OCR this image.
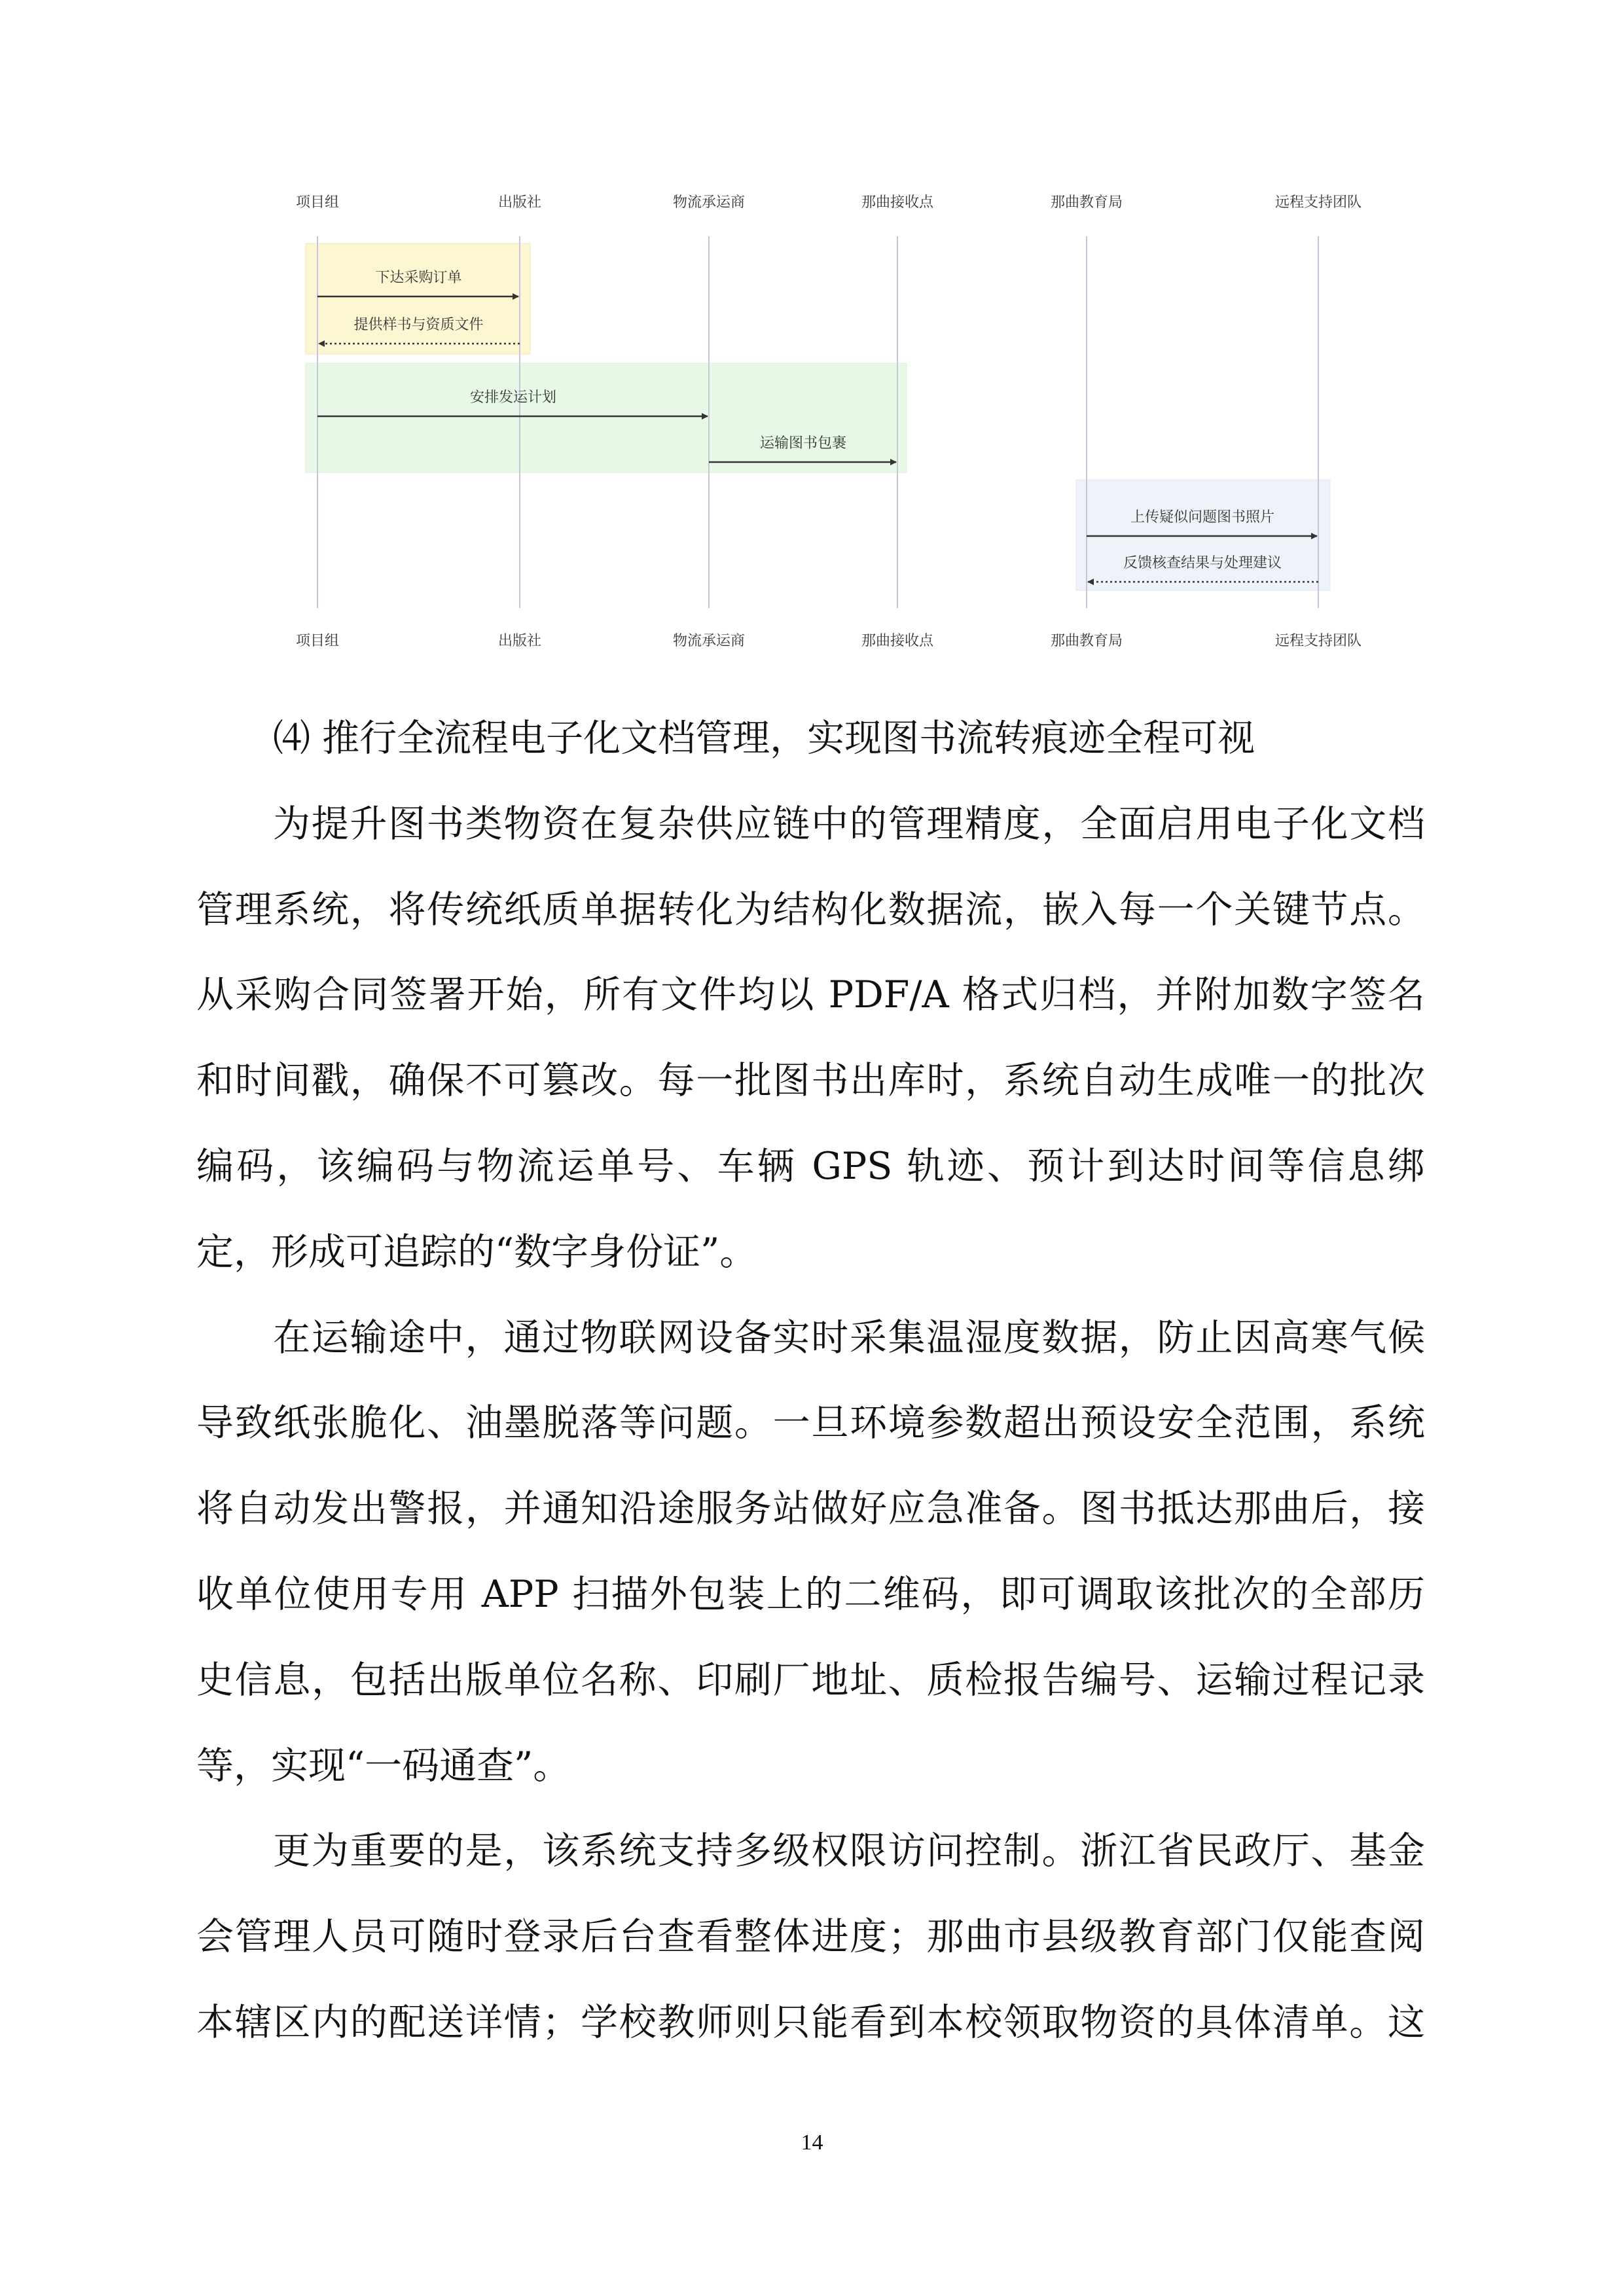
项目组	出版社	物流承运商	那曲接收点	那曲教育局	远程支持团队
项目组	出版社	物流承运商	那曲接收点	那曲教育局	远程支持团队
下达采购订单
提供样书与资质文件
安排发运计划
运输图书包裹
上传疑似问题图书照片
反馈核查结果与处理建议
⑷ 推行全流程电子化文档管理，实现图书流转痕迹全程可视
为提升图书类物资在复杂供应链中的管理精度，全面启用电子化文档
管理系统，将传统纸质单据转化为结构化数据流，嵌入每一个关键节点。
从采购合同签署开始，所有文件均以 PDF/A 格式归档，并附加数字签名
和时间戳，确保不可篡改。每一批图书出库时，系统自动生成唯一的批次
编码，该编码与物流运单号、车辆 GPS 轨迹、预计到达时间等信息绑
定，形成可追踪的“数字身份证”。
在运输途中，通过物联网设备实时采集温湿度数据，防止因高寒气候
导致纸张脆化、油墨脱落等问题。一旦环境参数超出预设安全范围，系统
将自动发出警报，并通知沿途服务站做好应急准备。图书抵达那曲后，接
收单位使用专用 APP 扫描外包装上的二维码，即可调取该批次的全部历
史信息，包括出版单位名称、印刷厂地址、质检报告编号、运输过程记录
等，实现“一码通查”。
更为重要的是，该系统支持多级权限访问控制。浙江省民政厅、基金
会管理人员可随时登录后台查看整体进度；那曲市县级教育部门仅能查阅
本辖区内的配送详情；学校教师则只能看到本校领取物资的具体清单。这
14
